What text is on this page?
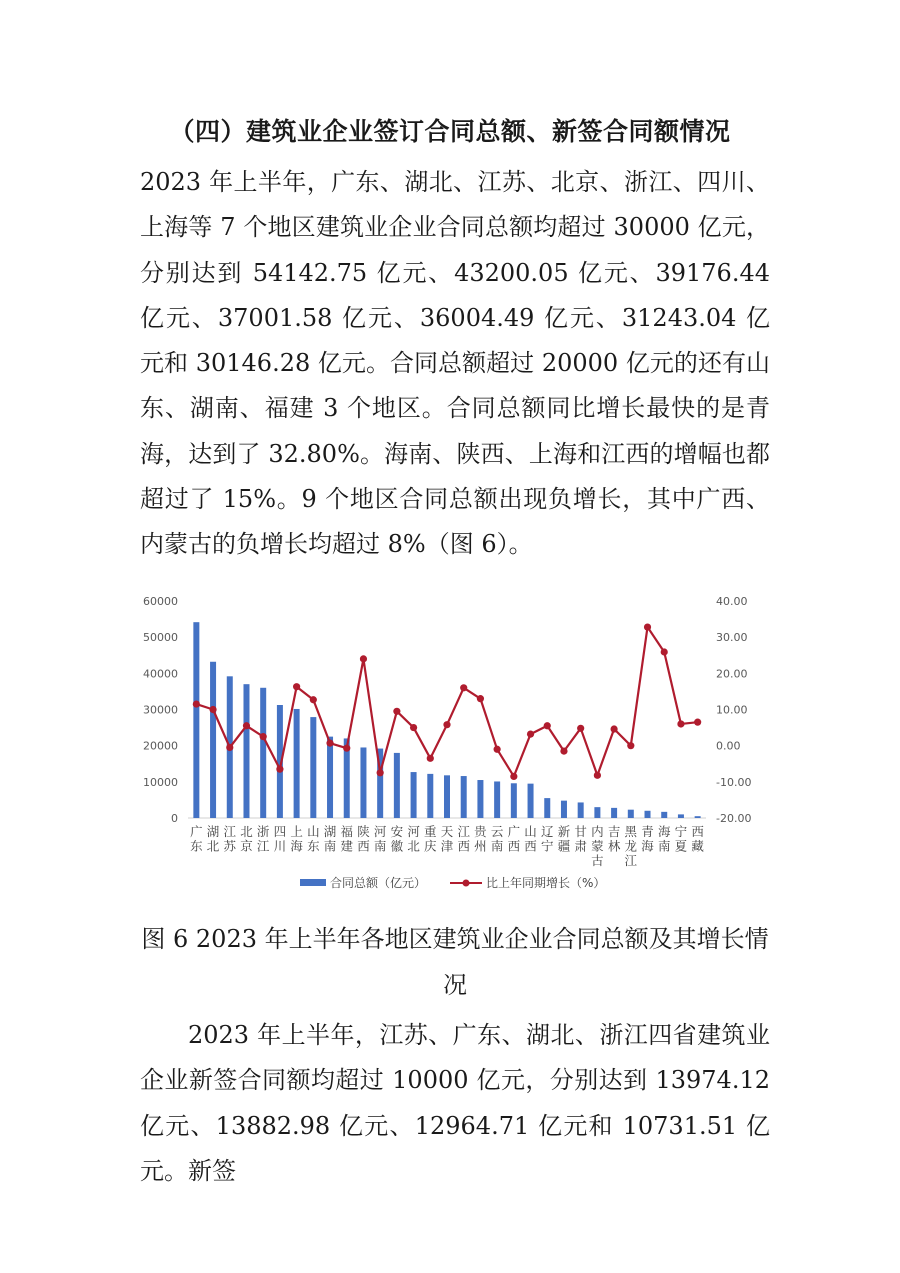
（四）建筑业企业签订合同总额、新签合同额情况

2023 年上半年，广东、湖北、江苏、北京、浙江、四川、上海等 7 个地区建筑业企业合同总额均超过 30000 亿元，分别达到 54142.75 亿元、43200.05 亿元、39176.44 亿元、37001.58 亿元、36004.49 亿元、31243.04 亿元和 30146.28 亿元。合同总额超过 20000 亿元的还有山东、湖南、福建 3 个地区。合同总额同比增长最快的是青海，达到了 32.80%。海南、陕西、上海和江西的增幅也都超过了 15%。9 个地区合同总额出现负增长，其中广西、内蒙古的负增长均超过 8%（图 6）。

0
10000
20000
30000
40000
50000
60000
-20.00
-10.00
0.00
10.00
20.00
30.00
40.00
广东
湖北
江苏
北京
浙江
四川
上海
山东
湖南
福建
陕西
河南
安徽
河北
重庆
天津
江西
贵州
云南
广西
山西
辽宁
新疆
甘肃
内蒙古
吉林
黑龙江
青海
海南
宁夏
西藏
合同总额（亿元）	比上年同期增长（%）

图 6 2023 年上半年各地区建筑业企业合同总额及其增长情况

2023 年上半年，江苏、广东、湖北、浙江四省建筑业企业新签合同额均超过 10000 亿元，分别达到 13974.12 亿元、13882.98 亿元、12964.71 亿元和 10731.51 亿元。新签
